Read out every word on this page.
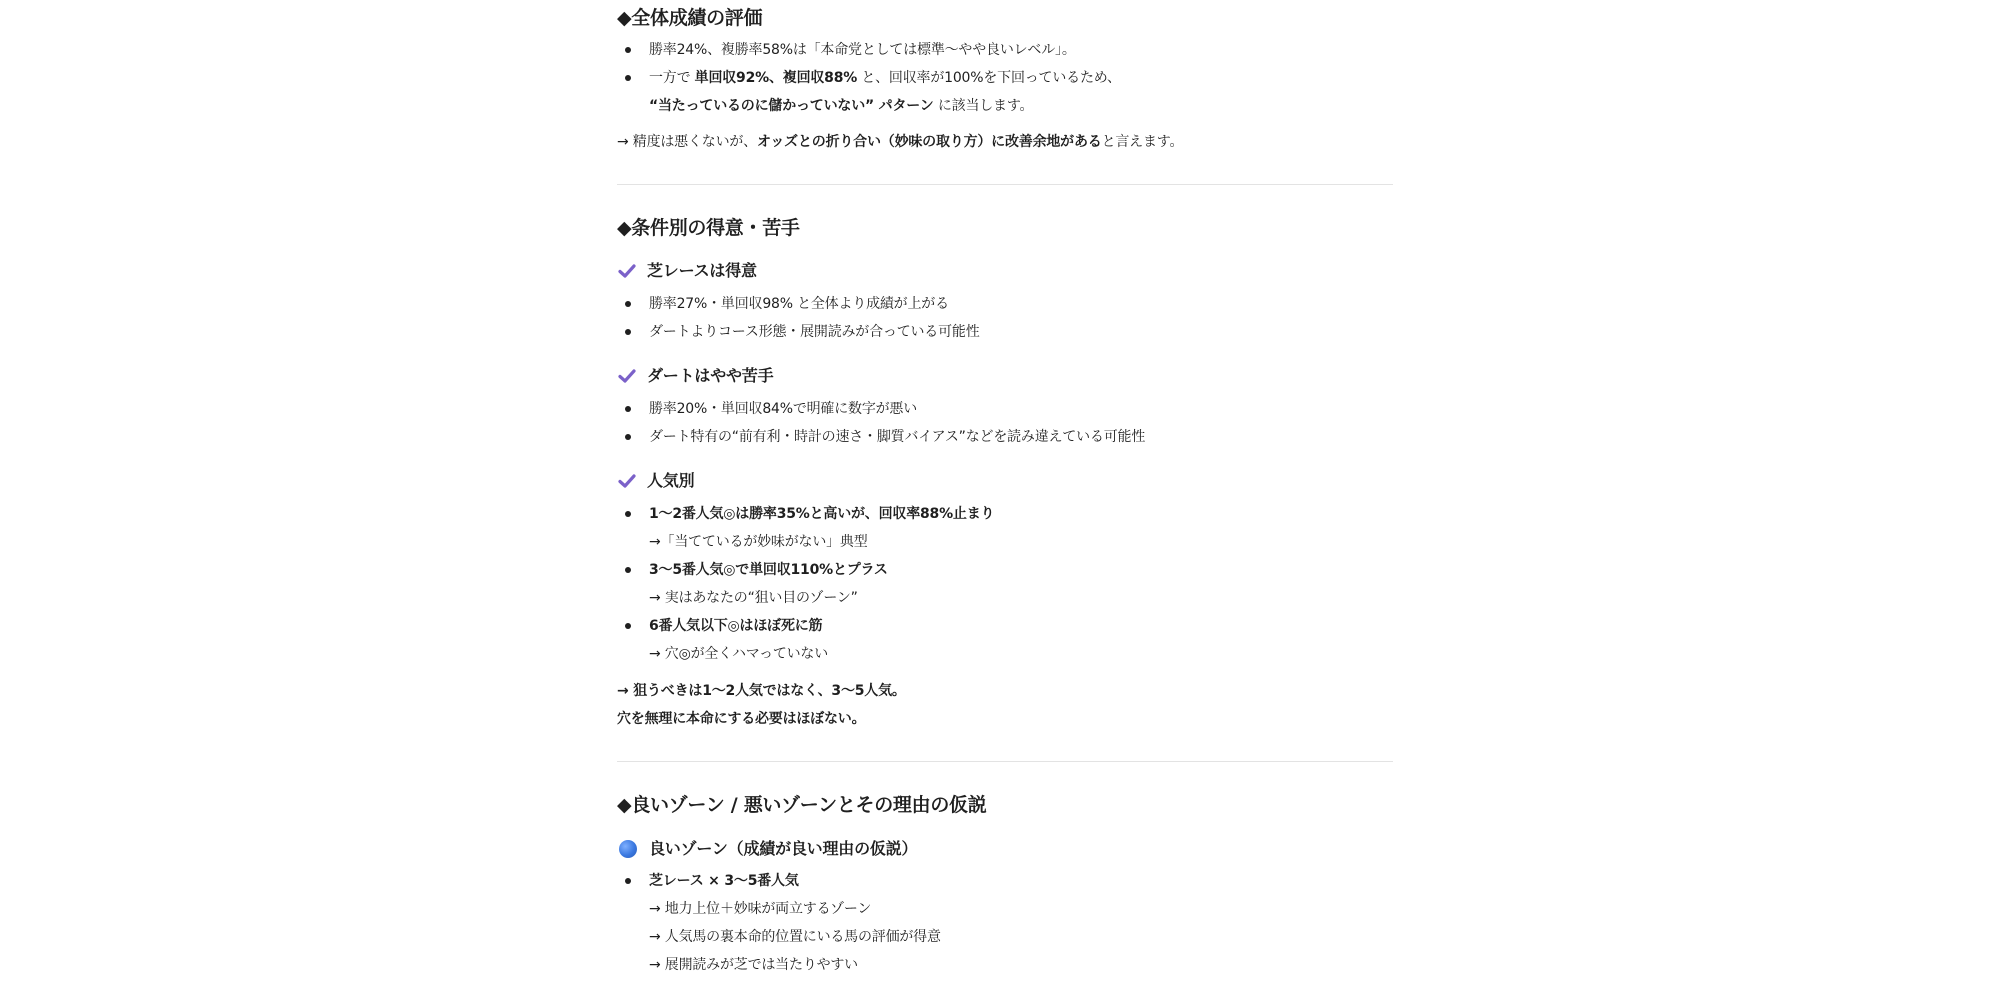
◆全体成績の評価
勝率24%、複勝率58%は「本命党としては標準〜やや良いレベル」。
一方で 単回収92%、複回収88% と、回収率が100%を下回っているため、
“当たっているのに儲かっていない” パターン に該当します。

→ 精度は悪くないが、オッズとの折り合い（妙味の取り方）に改善余地があると言えます。

◆条件別の得意・苦手
芝レースは得意
勝率27%・単回収98% と全体より成績が上がる
ダートよりコース形態・展開読みが合っている可能性
ダートはやや苦手
勝率20%・単回収84%で明確に数字が悪い
ダート特有の“前有利・時計の速さ・脚質バイアス”などを読み違えている可能性
人気別
1〜2番人気◎は勝率35%と高いが、回収率88%止まり
→「当てているが妙味がない」典型
3〜5番人気◎で単回収110%とプラス
→ 実はあなたの“狙い目のゾーン”
6番人気以下◎はほぼ死に筋
→ 穴◎が全くハマっていない

→ 狙うべきは1〜2人気ではなく、3〜5人気。

穴を無理に本命にする必要はほぼない。

◆良いゾーン / 悪いゾーンとその理由の仮説
良いゾーン（成績が良い理由の仮説）
芝レース × 3〜5番人気
→ 地力上位＋妙味が両立するゾーン
→ 人気馬の裏本命的位置にいる馬の評価が得意
→ 展開読みが芝では当たりやすい
